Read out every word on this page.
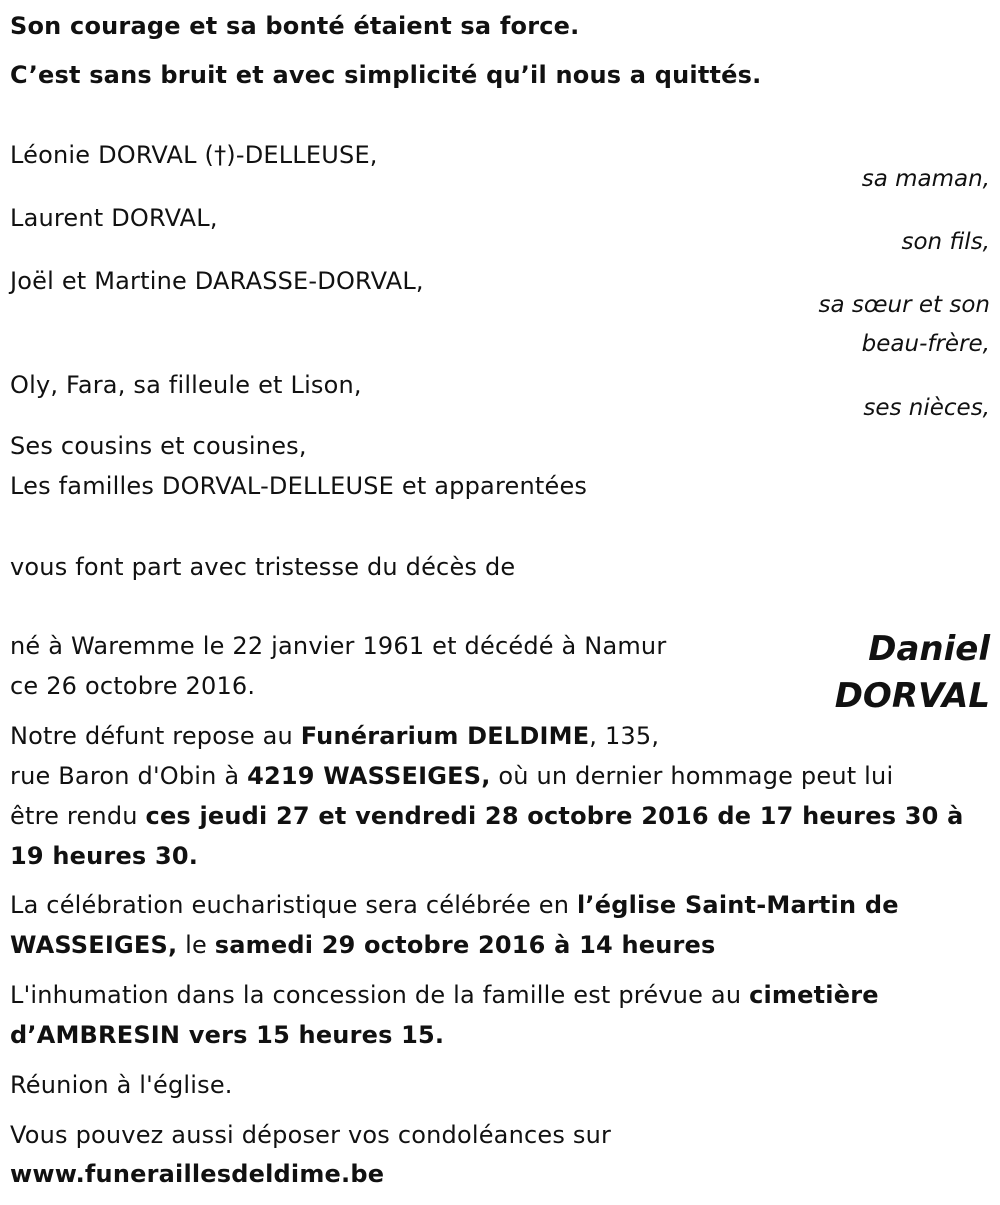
Son courage et sa bonté étaient sa force.
C’est sans bruit et avec simplicité qu’il nous a quittés.
Léonie DORVAL (†)-DELLEUSE,
sa maman,
Laurent DORVAL,
son fils,
Joël et Martine DARASSE-DORVAL,
sa sœur et son
beau-frère,
Oly, Fara, sa filleule et Lison,
ses nièces,
Ses cousins et cousines,
Les familles DORVAL-DELLEUSE et apparentées
vous font part avec tristesse du décès de
né à Waremme le 22 janvier 1961 et décédé à Namur
ce 26 octobre 2016.
Daniel
DORVAL
Notre défunt repose au Funérarium DELDIME, 135,
rue Baron d'Obin à 4219 WASSEIGES, où un dernier hommage peut lui
être rendu ces jeudi 27 et vendredi 28 octobre 2016 de 17 heures 30 à
19 heures 30.
La célébration eucharistique sera célébrée en l’église Saint-Martin de
WASSEIGES, le samedi 29 octobre 2016 à 14 heures
L'inhumation dans la concession de la famille est prévue au cimetière
d’AMBRESIN vers 15 heures 15.
Réunion à l'église.
Vous pouvez aussi déposer vos condoléances sur
www.funeraillesdeldime.be
